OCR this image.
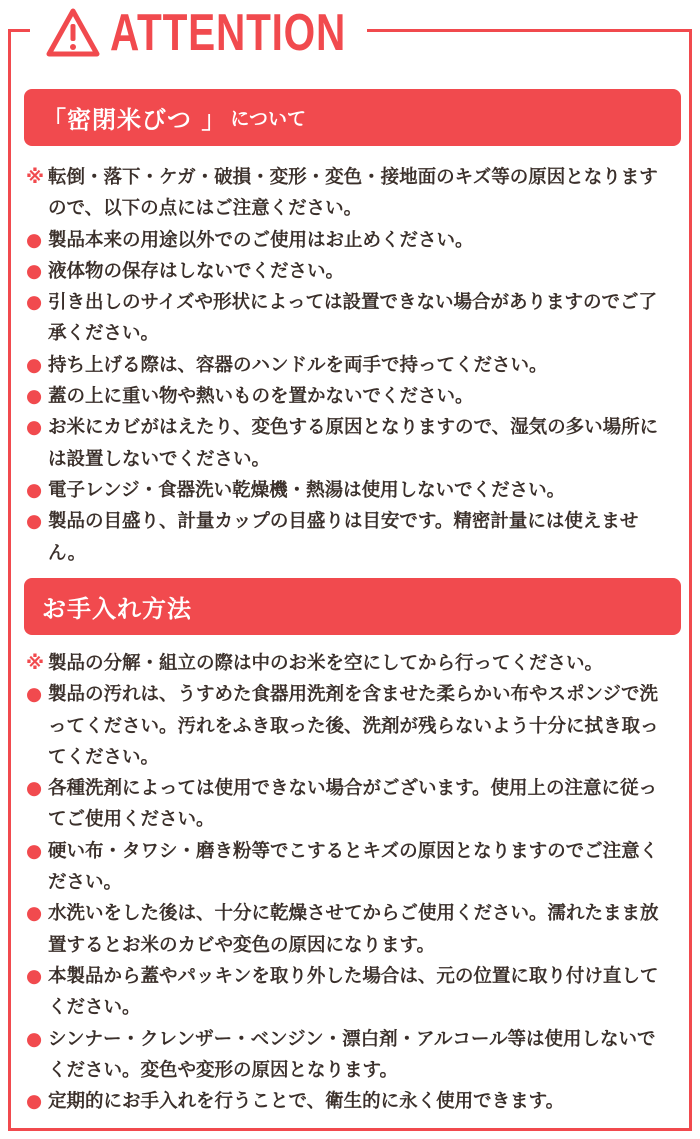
ATTENTION
「密閉米びつ 」 について
※ 転倒・落下・ケガ・破損・変形・変色・接地面のキズ等の原因となりますので、以下の点にはご注意ください。
● 製品本来の用途以外でのご使用はお止めください。
● 液体物の保存はしないでください。
● 引き出しのサイズや形状によっては設置できない場合がありますのでご了承ください。
● 持ち上げる際は、容器のハンドルを両手で持ってください。
● 蓋の上に重い物や熱いものを置かないでください。
● お米にカビがはえたり、変色する原因となりますので、湿気の多い場所には設置しないでください。
● 電子レンジ・食器洗い乾燥機・熱湯は使用しないでください。
● 製品の目盛り、計量カップの目盛りは目安です。精密計量には使えません。
お手入れ方法
※ 製品の分解・組立の際は中のお米を空にしてから行ってください。
● 製品の汚れは、うすめた食器用洗剤を含ませた柔らかい布やスポンジで洗ってください。汚れをふき取った後、洗剤が残らないよう十分に拭き取ってください。
● 各種洗剤によっては使用できない場合がございます。使用上の注意に従ってご使用ください。
● 硬い布・タワシ・磨き粉等でこするとキズの原因となりますのでご注意ください。
● 水洗いをした後は、十分に乾燥させてからご使用ください。濡れたまま放置するとお米のカビや変色の原因になります。
● 本製品から蓋やパッキンを取り外した場合は、元の位置に取り付け直してください。
● シンナー・クレンザー・ベンジン・漂白剤・アルコール等は使用しないでください。変色や変形の原因となります。
● 定期的にお手入れを行うことで、衛生的に永く使用できます。
